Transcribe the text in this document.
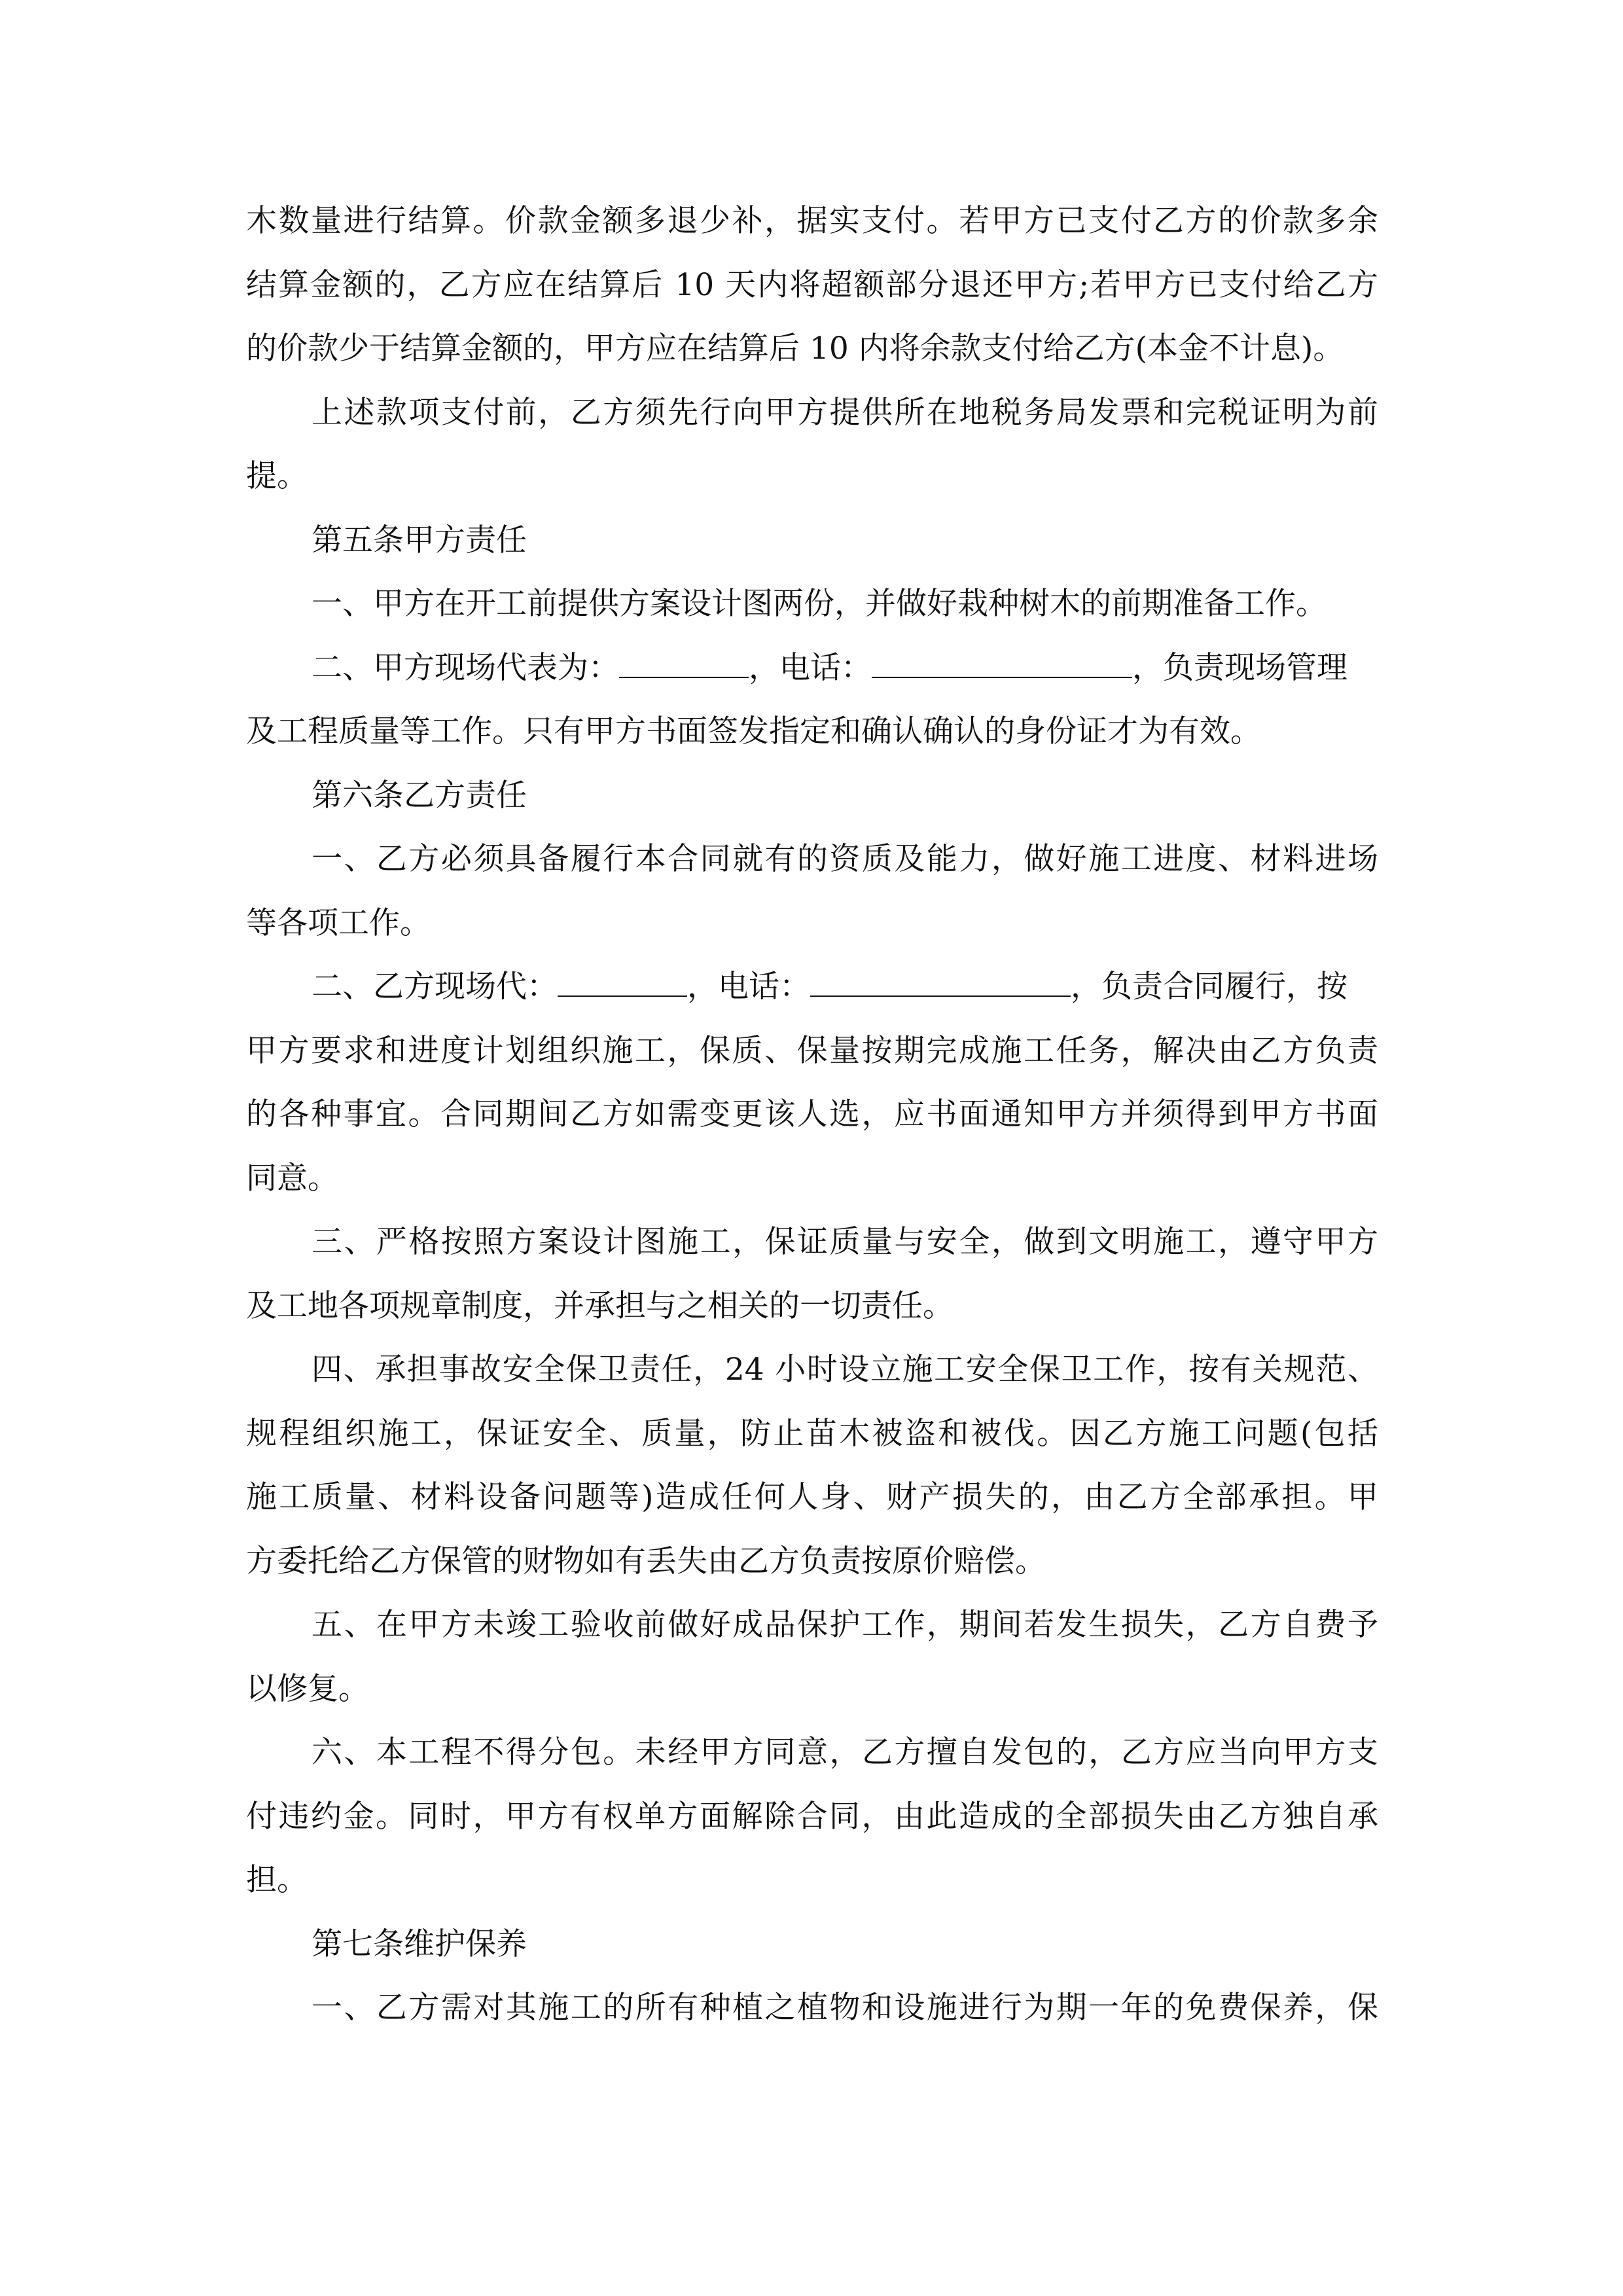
木数量进行结算。价款金额多退少补，据实支付。若甲方已支付乙方的价款多余
结算金额的，乙方应在结算后 10 天内将超额部分退还甲方;若甲方已支付给乙方
的价款少于结算金额的，甲方应在结算后 10 内将余款支付给乙方(本金不计息)。
上述款项支付前，乙方须先行向甲方提供所在地税务局发票和完税证明为前
提。
第五条甲方责任
一、甲方在开工前提供方案设计图两份，并做好栽种树木的前期准备工作。
二、甲方现场代表为：	，电话：	，负责现场管理
及工程质量等工作。只有甲方书面签发指定和确认确认的身份证才为有效。
第六条乙方责任
一、乙方必须具备履行本合同就有的资质及能力，做好施工进度、材料进场
等各项工作。
二、乙方现场代：	，电话：	，负责合同履行，按
甲方要求和进度计划组织施工，保质、保量按期完成施工任务，解决由乙方负责
的各种事宜。合同期间乙方如需变更该人选，应书面通知甲方并须得到甲方书面
同意。
三、严格按照方案设计图施工，保证质量与安全，做到文明施工，遵守甲方
及工地各项规章制度，并承担与之相关的一切责任。
四、承担事故安全保卫责任，24 小时设立施工安全保卫工作，按有关规范、
规程组织施工，保证安全、质量，防止苗木被盗和被伐。因乙方施工问题(包括
施工质量、材料设备问题等)造成任何人身、财产损失的，由乙方全部承担。甲
方委托给乙方保管的财物如有丢失由乙方负责按原价赔偿。
五、在甲方未竣工验收前做好成品保护工作，期间若发生损失，乙方自费予
以修复。
六、本工程不得分包。未经甲方同意，乙方擅自发包的，乙方应当向甲方支
付违约金。同时，甲方有权单方面解除合同，由此造成的全部损失由乙方独自承
担。
第七条维护保养
一、乙方需对其施工的所有种植之植物和设施进行为期一年的免费保养，保
